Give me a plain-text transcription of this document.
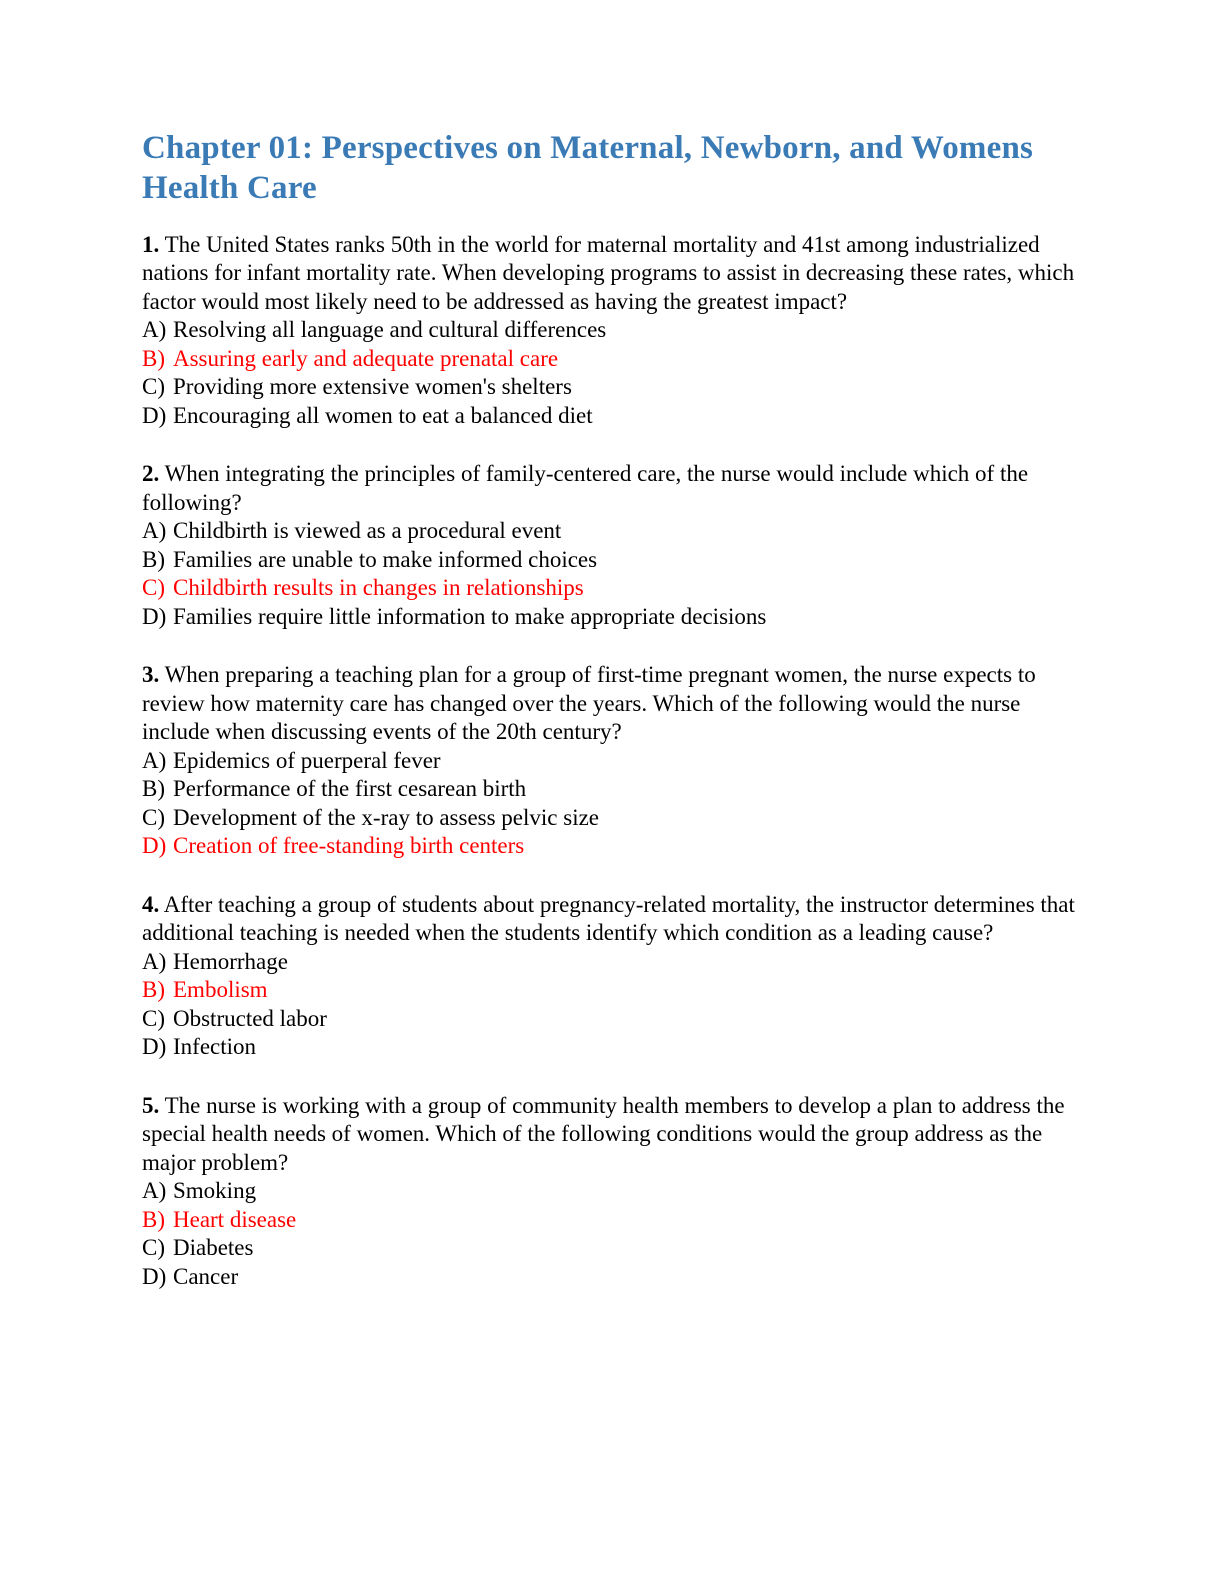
Chapter 01: Perspectives on Maternal, Newborn, and Womens Health Care

1. The United States ranks 50th in the world for maternal mortality and 41st among industrialized nations for infant mortality rate. When developing programs to assist in decreasing these rates, which factor would most likely need to be addressed as having the greatest impact?

A) Resolving all language and cultural differences
B) Assuring early and adequate prenatal care
C) Providing more extensive women's shelters
D) Encouraging all women to eat a balanced diet

2. When integrating the principles of family-centered care, the nurse would include which of the following?

A) Childbirth is viewed as a procedural event
B) Families are unable to make informed choices
C) Childbirth results in changes in relationships
D) Families require little information to make appropriate decisions

3. When preparing a teaching plan for a group of first-time pregnant women, the nurse expects to review how maternity care has changed over the years. Which of the following would the nurse include when discussing events of the 20th century?

A) Epidemics of puerperal fever
B) Performance of the first cesarean birth
C) Development of the x-ray to assess pelvic size
D) Creation of free-standing birth centers

4. After teaching a group of students about pregnancy-related mortality, the instructor determines that additional teaching is needed when the students identify which condition as a leading cause?

A) Hemorrhage
B) Embolism
C) Obstructed labor
D) Infection

5. The nurse is working with a group of community health members to develop a plan to address the special health needs of women. Which of the following conditions would the group address as the major problem?

A) Smoking
B) Heart disease
C) Diabetes
D) Cancer
